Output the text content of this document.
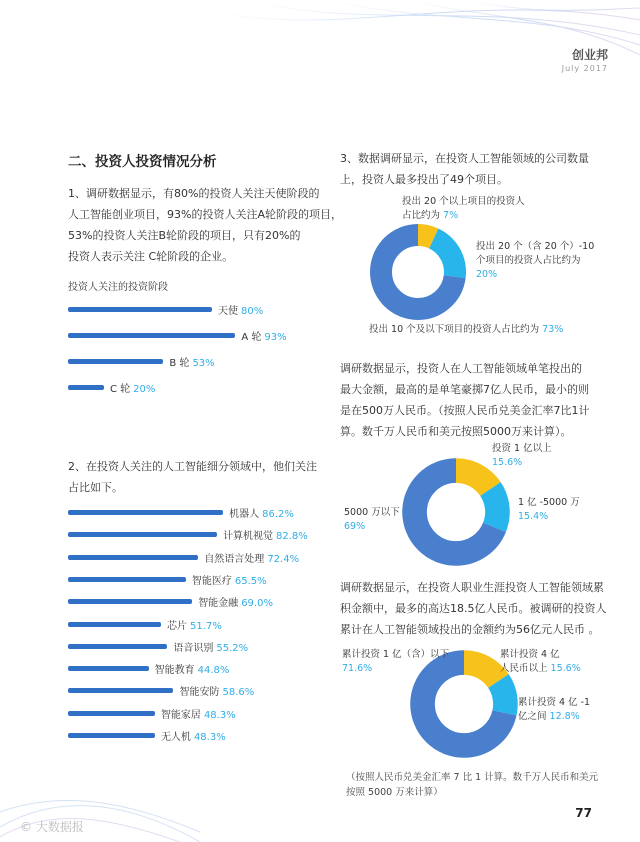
创业邦
July 2017
二、投资人投资情况分析
1、调研数据显示，有80%的投资人关注天使阶段的
人工智能创业项目，93%的投资人关注A轮阶段的项目，
53%的投资人关注B轮阶段的项目，只有20%的
投资人表示关注 C轮阶段的企业。
投资人关注的投资阶段
天使 80%
A 轮 93%
B 轮 53%
C 轮 20%
2、在投资人关注的人工智能细分领域中，他们关注
占比如下。
机器人 86.2%
计算机视觉 82.8%
自然语言处理 72.4%
智能医疗 65.5%
智能金融 69.0%
芯片 51.7%
语音识别 55.2%
智能教育 44.8%
智能安防 58.6%
智能家居 48.3%
无人机 48.3%
3、数据调研显示，在投资人工智能领域的公司数量
上，投资人最多投出了49个项目。
投出 20 个以上项目的投资人
占比约为 7%
投出 20 个（含 20 个）-10
个项目的投资人占比约为
20%
投出 10 个及以下项目的投资人占比约为 73%
调研数据显示，投资人在人工智能领域单笔投出的
最大金额，最高的是单笔豪掷7亿人民币，最小的则
是在500万人民币。（按照人民币兑美金汇率7比1计
算。数千万人民币和美元按照5000万来计算）。
投资 1 亿以上
15.6%
1 亿 -5000 万
15.4%
5000 万以下
69%
调研数据显示，在投资人职业生涯投资人工智能领域累
积金额中，最多的高达18.5亿人民币。被调研的投资人
累计在人工智能领域投出的金额约为56亿元人民币 。
累计投资 1 亿（含）以下
71.6%
累计投资 4 亿
人民币以上 15.6%
累计投资 4 亿 -1
亿之间 12.8%
（按照人民币兑美金汇率 7 比 1 计算。数千万人民币和美元
按照 5000 万来计算）
© 大数据报
77
